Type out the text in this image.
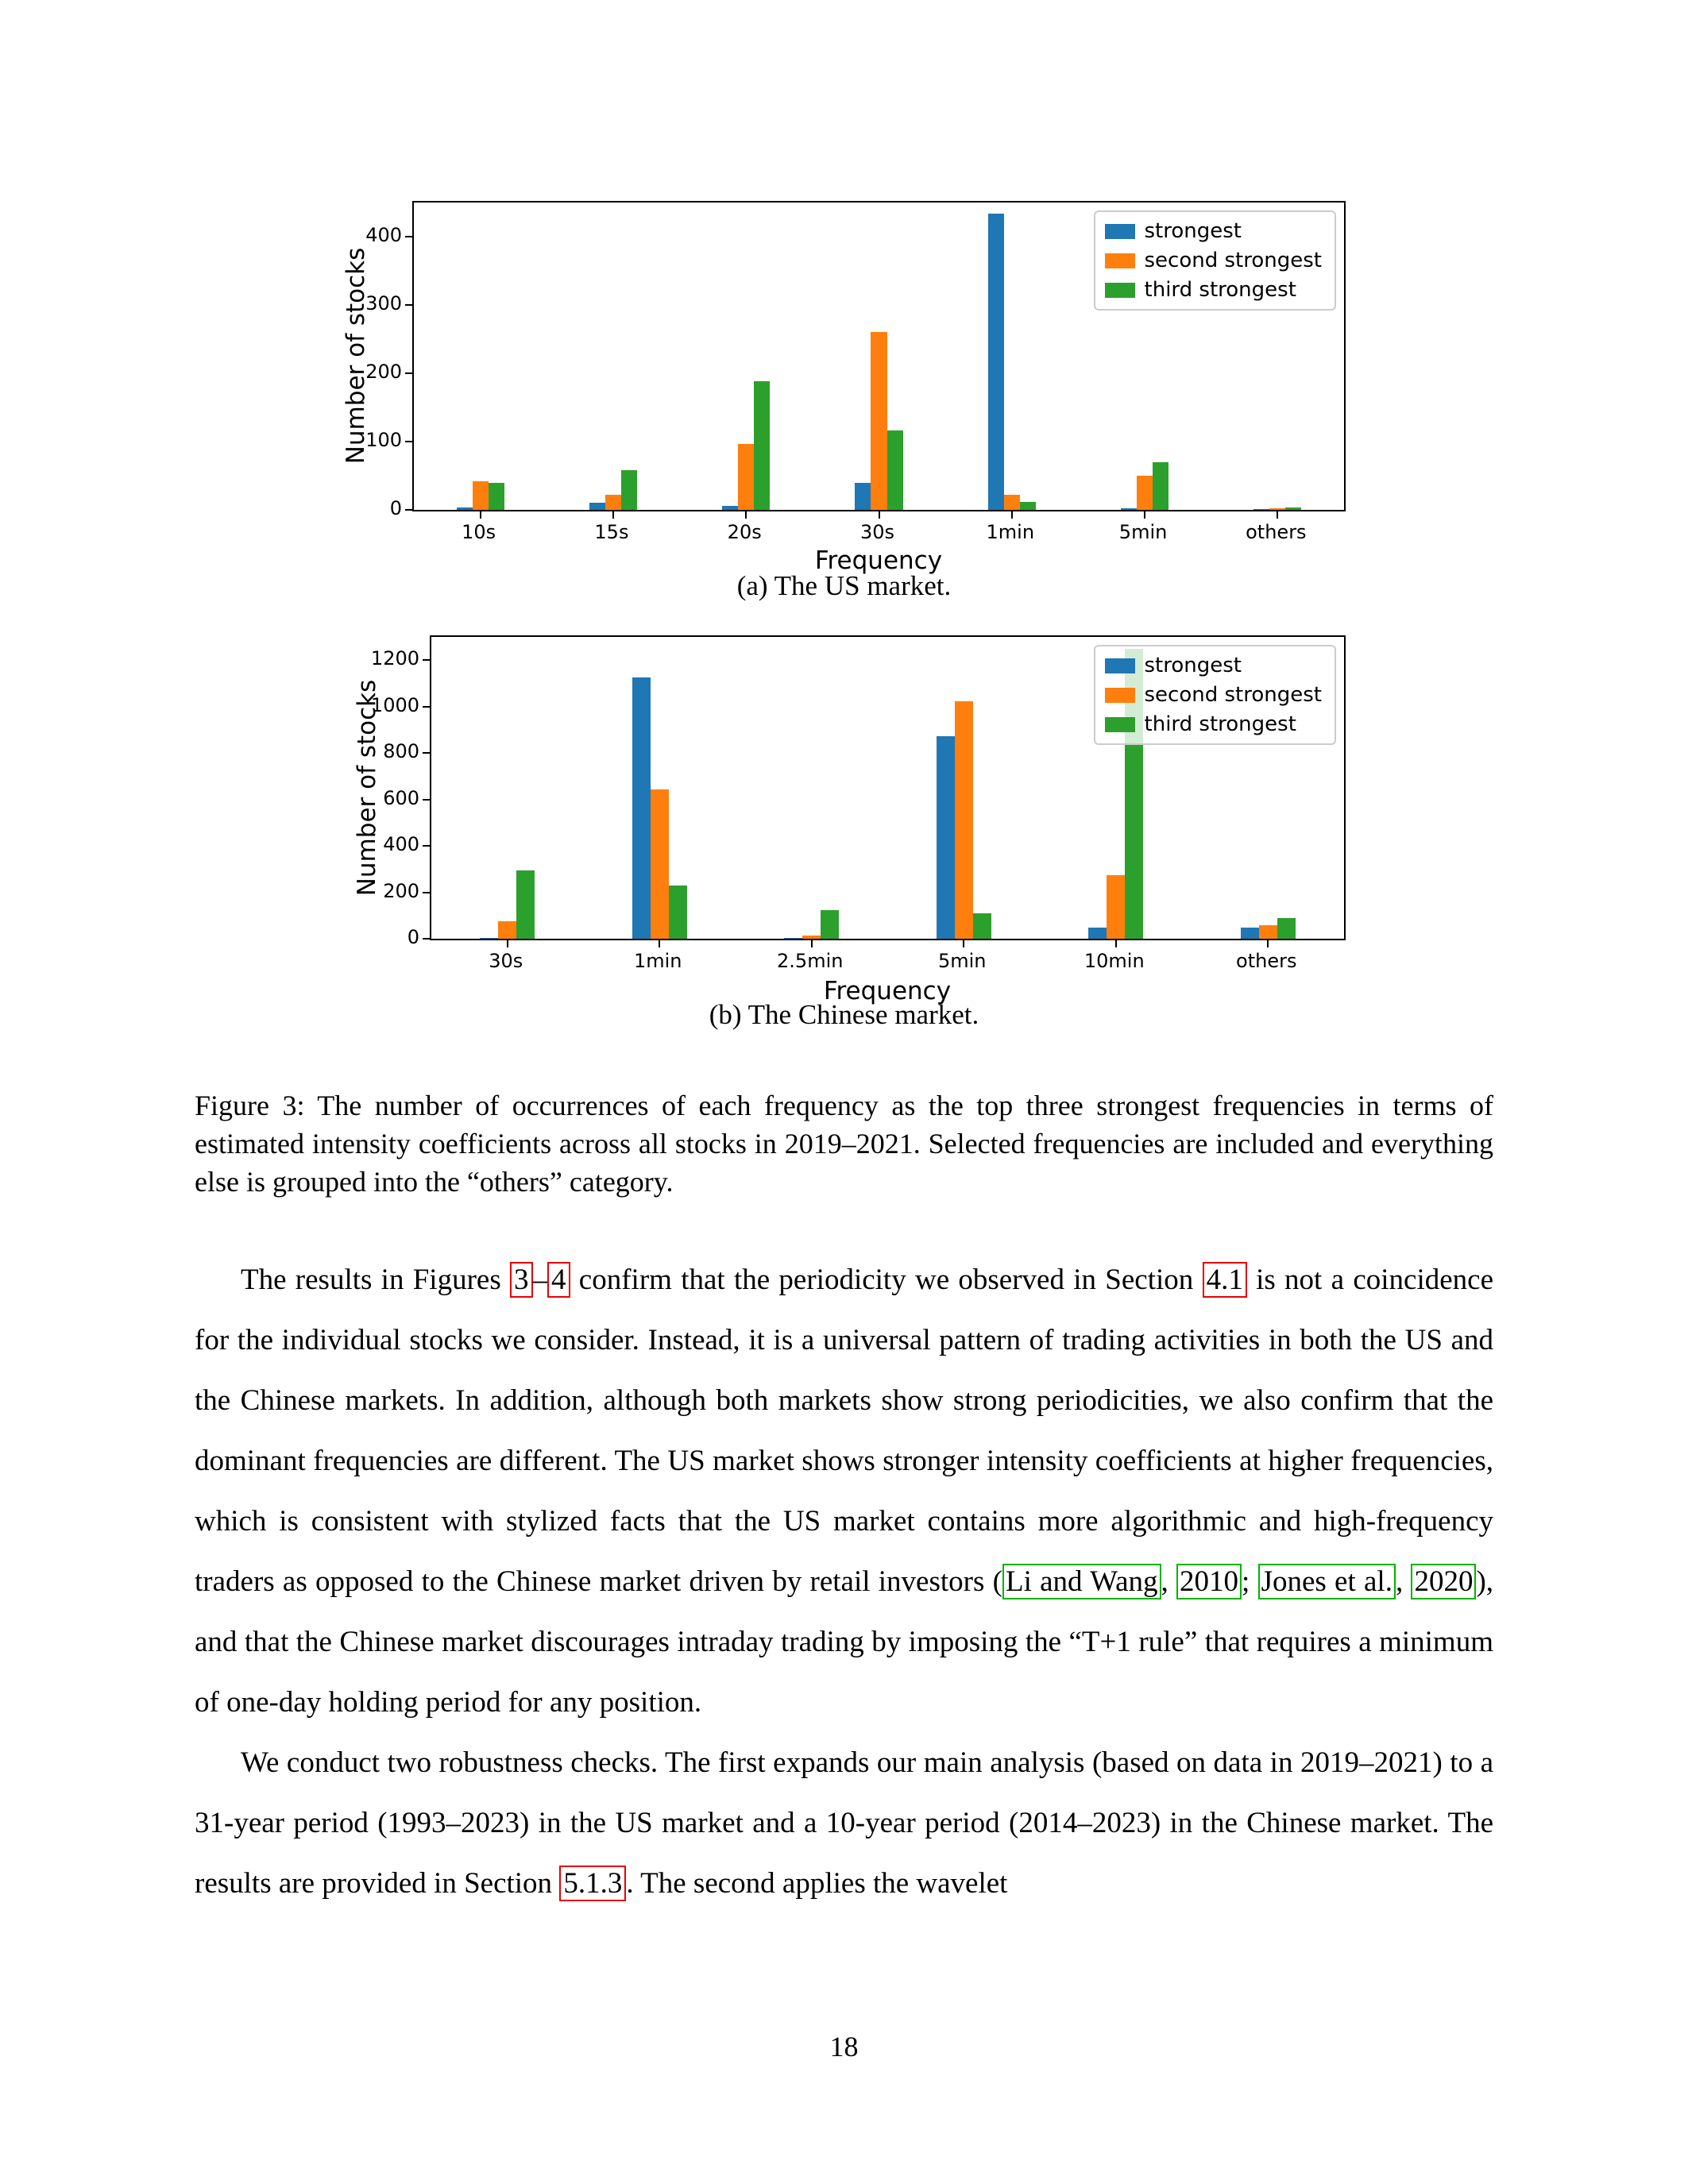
Number of stocks
0
100
200
300
400	strongest
second strongest
third strongest
10s	15s	20s	30s	1min	5min	others
Frequency
(a) The US market.
Number of stocks
0
200
400
600
800
1000
1200	strongest
second strongest
third strongest
30s	1min	2.5min	5min	10min	others
Frequency
(b) The Chinese market.
Figure 3: The number of occurrences of each frequency as the top three strongest frequencies in terms of estimated intensity coefficients across all stocks in 2019–2021. Selected frequencies are included and everything else is grouped into the “others” category.

The results in Figures 3 – 4 confirm that the periodicity we observed in Section 4.1 is not a coincidence for the individual stocks we consider. Instead, it is a universal pattern of trading activities in both the US and the Chinese markets. In addition, although both markets show strong periodicities, we also confirm that the dominant frequencies are different. The US market shows stronger intensity coefficients at higher frequencies, which is consistent with stylized facts that the US market contains more algorithmic and high-frequency traders as opposed to the Chinese market driven by retail investors ( Li and Wang , 2010 ; Jones et al. , 2020 ), and that the Chinese market discourages intraday trading by imposing the “T+1 rule” that requires a minimum of one-day holding period for any position.

We conduct two robustness checks. The first expands our main analysis (based on data in 2019–2021) to a 31-year period (1993–2023) in the US market and a 10-year period (2014–2023) in the Chinese market. The results are provided in Section 5.1.3 . The second applies the wavelet

18
